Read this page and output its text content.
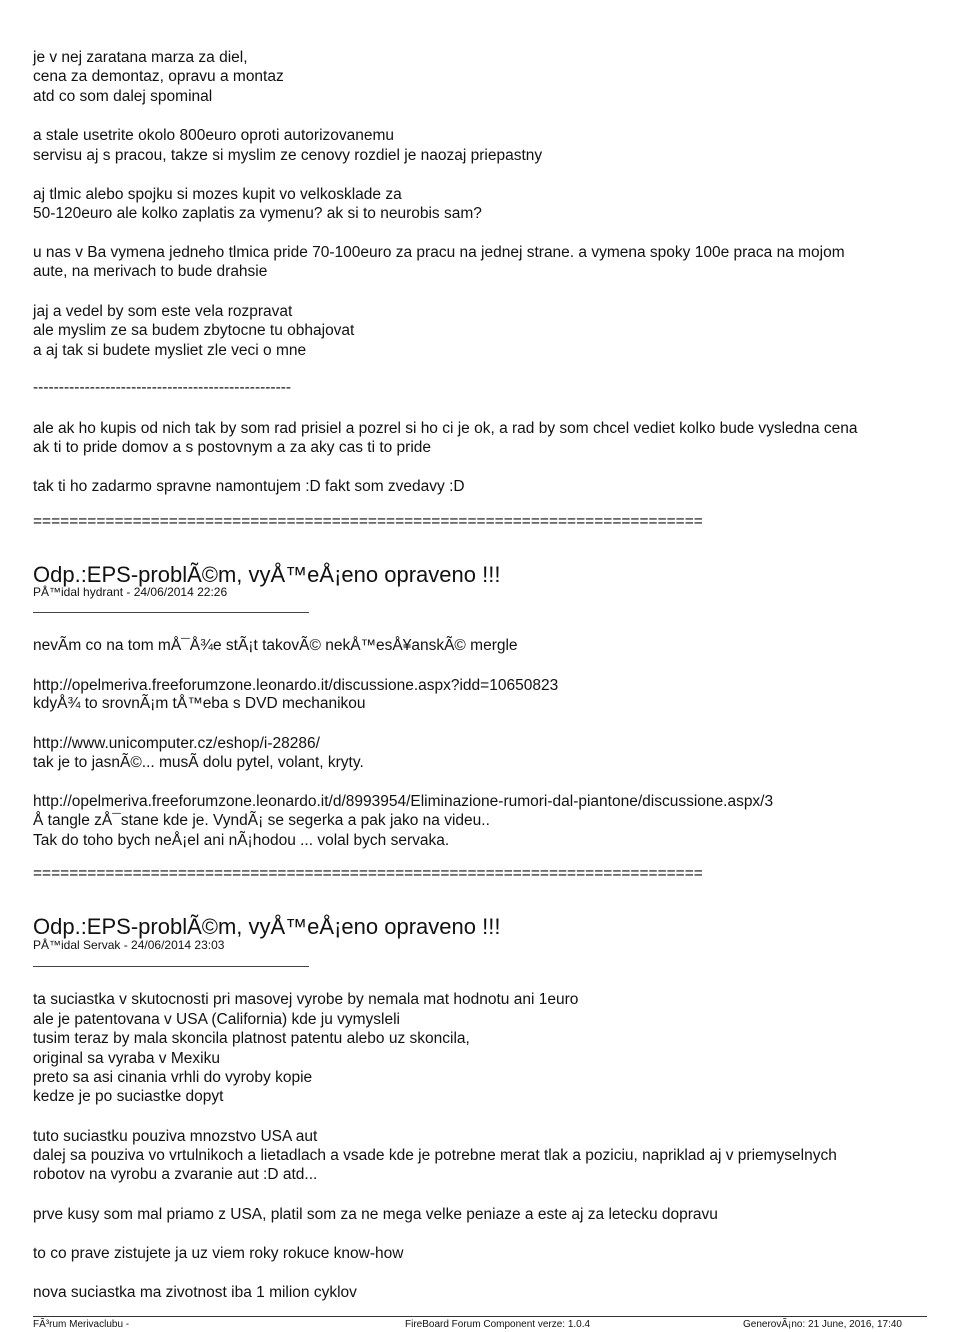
je v nej zaratana marza za diel,

cena za demontaz, opravu a montaz

atd co som dalej spominal

a stale usetrite okolo 800euro oproti autorizovanemu

servisu aj s pracou, takze si myslim ze cenovy rozdiel je naozaj priepastny

aj tlmic alebo spojku si mozes kupit vo velkosklade za

50-120euro ale kolko zaplatis za vymenu? ak si to neurobis sam?

u nas v Ba vymena jedneho tlmica pride 70-100euro za pracu na jednej strane. a vymena spoky 100e praca na mojom

aute, na merivach to bude drahsie

jaj a vedel by som este vela rozpravat

ale myslim ze sa budem zbytocne tu obhajovat

a aj tak si budete mysliet zle veci o mne

--------------------------------------------------

ale ak ho kupis od nich tak by som rad prisiel a pozrel si ho ci je ok, a rad by som chcel vediet kolko bude vysledna cena

ak ti to pride domov a s postovnym a za aky cas ti to pride

tak ti ho zadarmo spravne namontujem :D fakt som zvedavy :D

==========================================================================

Odp.:EPS-problÃ©m, vyÅ™eÅ¡eno opraveno !!!
PÅ™idal hydrant - 24/06/2014 22:26

nevÃm co na tom mÅ¯Å¾e stÃ¡t takovÃ© nekÅ™esÅ¥anskÃ© mergle

http://opelmeriva.freeforumzone.leonardo.it/discussione.aspx?idd=10650823

kdyÅ¾ to srovnÃ¡m tÅ™eba s DVD mechanikou

http://www.unicomputer.cz/eshop/i-28286/

tak je to jasnÃ©... musÃ dolu pytel, volant, kryty.

http://opelmeriva.freeforumzone.leonardo.it/d/8993954/Eliminazione-rumori-dal-piantone/discussione.aspx/3

Å tangle zÅ¯stane kde je. VyndÃ¡ se segerka a pak jako na videu..

Tak do toho bych neÅ¡el ani nÃ¡hodou ... volal bych servaka.

==========================================================================

Odp.:EPS-problÃ©m, vyÅ™eÅ¡eno opraveno !!!
PÅ™idal Servak - 24/06/2014 23:03

ta suciastka v skutocnosti pri masovej vyrobe by nemala mat hodnotu ani 1euro

ale je patentovana v USA (California) kde ju vymysleli

tusim teraz by mala skoncila platnost patentu alebo uz skoncila,

original sa vyraba v Mexiku

preto sa asi cinania vrhli do vyroby kopie

kedze je po suciastke dopyt

tuto suciastku pouziva mnozstvo USA aut

dalej sa pouziva vo vrtulnikoch a lietadlach a vsade kde je potrebne merat tlak a poziciu, napriklad aj v priemyselnych

robotov na vyrobu a zvaranie aut :D atd...

prve kusy som mal priamo z USA, platil som za ne mega velke peniaze a este aj za letecku dopravu

to co prave zistujete ja uz viem roky rokuce know-how

nova suciastka ma zivotnost iba 1 milion cyklov

FÃ³rum Merivaclubu -	FireBoard Forum Component verze: 1.0.4	GenerovÃ¡no: 21 June, 2016, 17:40
